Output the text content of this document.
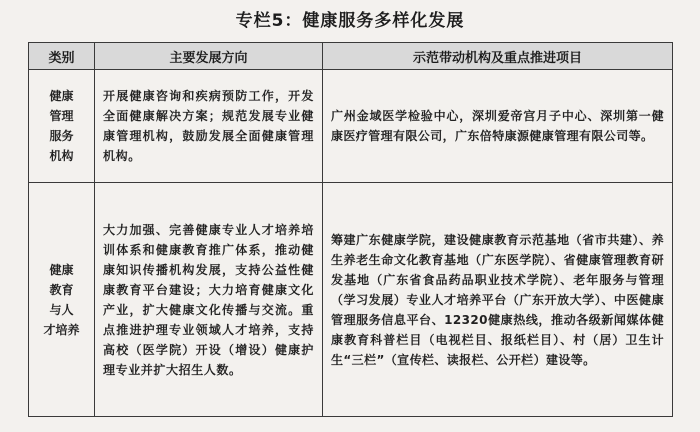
专栏5：健康服务多样化发展
类别	主要发展方向	示范带动机构及重点推进项目

健康
管理
服务
机构	开展健康咨询和疾病预防工作，开发全面健康解决方案；规范发展专业健康管理机构，鼓励发展全面健康管理机构。	广州金域医学检验中心，深圳爱帝宫月子中心、深圳第一健康医疗管理有限公司，广东倍特康源健康管理有限公司等。

健康
教育
与人
才培养	大力加强、完善健康专业人才培养培训体系和健康教育推广体系，推动健康知识传播机构发展，支持公益性健康教育平台建设；大力培育健康文化产业，扩大健康文化传播与交流。重点推进护理专业领域人才培养，支持高校（医学院）开设（增设）健康护理专业并扩大招生人数。	筹建广东健康学院，建设健康教育示范基地（省市共建）、养生养老生命文化教育基地（广东医学院）、省健康管理教育研发基地（广东省食品药品职业技术学院）、老年服务与管理（学习发展）专业人才培养平台（广东开放大学）、中医健康管理服务信息平台、12320健康热线，推动各级新闻媒体健康教育科普栏目（电视栏目、报纸栏目）、村（居）卫生计生“三栏”（宣传栏、读报栏、公开栏）建设等。
